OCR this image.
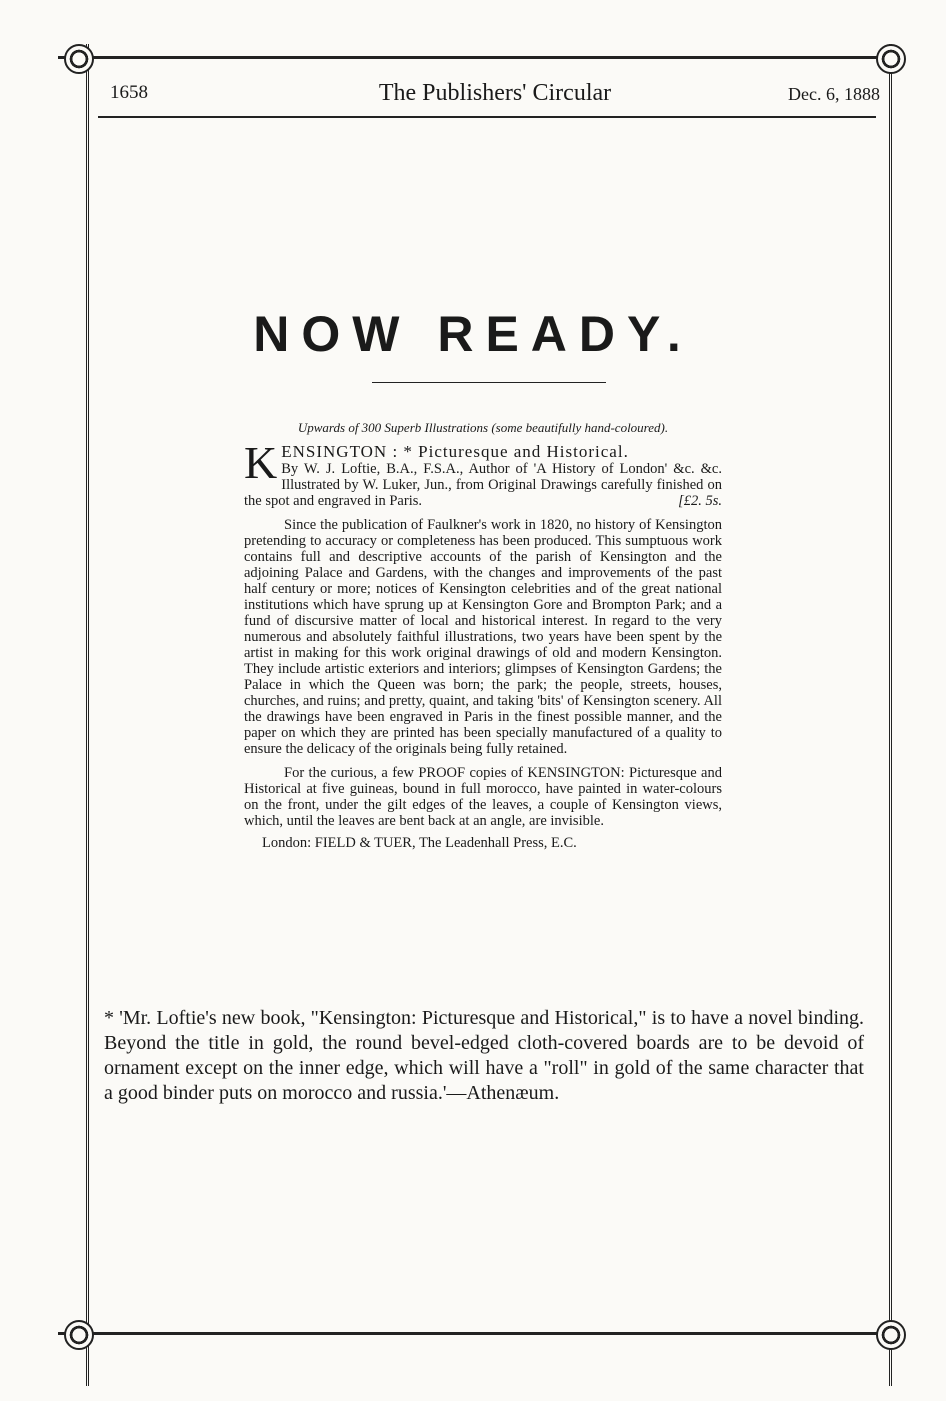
The Publishers' Circular
1658	Dec. 6, 1888
NOW READY.
Upwards of 300 Superb Illustrations (some beautifully hand-coloured).
K ENSINGTON : * Picturesque and Historical.

By W. J. Loftie, B.A., F.S.A., Author of 'A History of London' &c. &c. Illustrated by W. Luker, Jun., from Original Drawings carefully finished on the spot and engraved in Paris.	[£2. 5s.

Since the publication of Faulkner's work in 1820, no history of Kensington pretending to accuracy or completeness has been produced. This sumptuous work contains full and descriptive accounts of the parish of Kensington and the adjoining Palace and Gardens, with the changes and improvements of the past half century or more; notices of Kensington celebrities and of the great national institutions which have sprung up at Kensington Gore and Brompton Park; and a fund of discursive matter of local and historical interest. In regard to the very numerous and absolutely faithful illustrations, two years have been spent by the artist in making for this work original drawings of old and modern Kensington. They include artistic exteriors and interiors; glimpses of Kensington Gardens; the Palace in which the Queen was born; the park; the people, streets, houses, churches, and ruins; and pretty, quaint, and taking 'bits' of Kensington scenery. All the drawings have been engraved in Paris in the finest possible manner, and the paper on which they are printed has been specially manufactured of a quality to ensure the delicacy of the originals being fully retained.

For the curious, a few PROOF copies of KENSINGTON: Picturesque and Historical at five guineas, bound in full morocco, have painted in water-colours on the front, under the gilt edges of the leaves, a couple of Kensington views, which, until the leaves are bent back at an angle, are invisible.

London: FIELD & TUER, The Leadenhall Press, E.C.

* 'Mr. Loftie's new book, "Kensington: Picturesque and Historical," is to have a novel binding. Beyond the title in gold, the round bevel-edged cloth-covered boards are to be devoid of ornament except on the inner edge, which will have a "roll" in gold of the same character that a good binder puts on morocco and russia.'—Athenæum.
